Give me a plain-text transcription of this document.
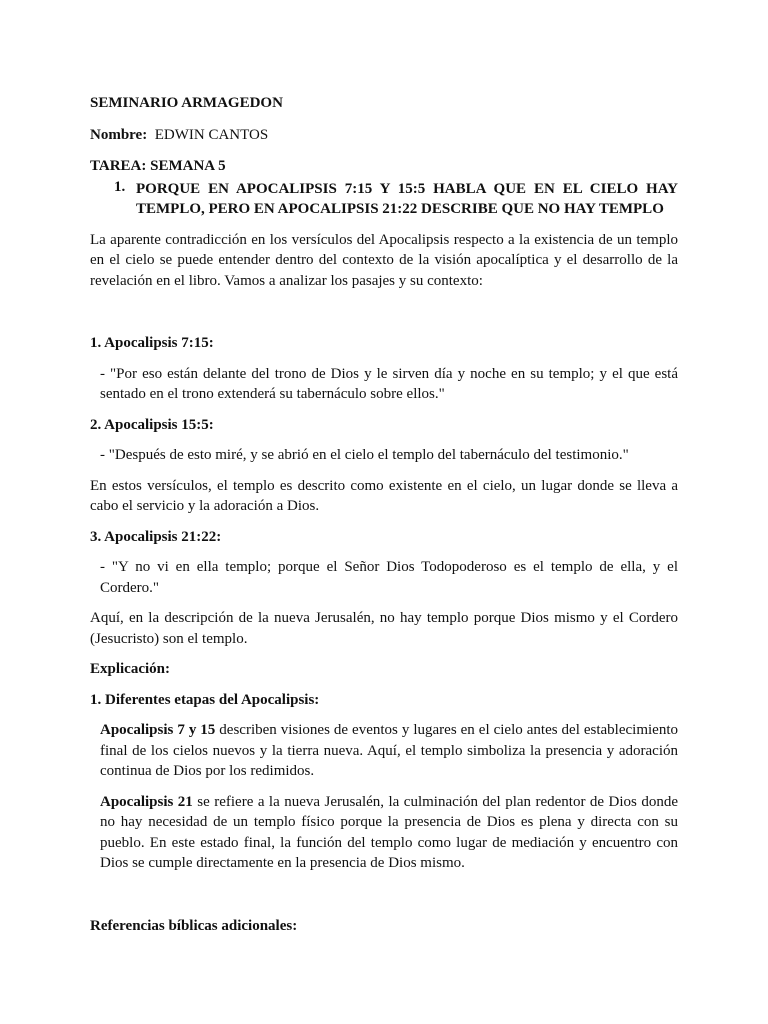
SEMINARIO ARMAGEDON

Nombre: EDWIN CANTOS

TAREA: SEMANA 5

1. PORQUE EN APOCALIPSIS 7:15 Y 15:5 HABLA QUE EN EL CIELO HAY TEMPLO, PERO EN APOCALIPSIS 21:22 DESCRIBE QUE NO HAY TEMPLO

La aparente contradicción en los versículos del Apocalipsis respecto a la existencia de un templo en el cielo se puede entender dentro del contexto de la visión apocalíptica y el desarrollo de la revelación en el libro. Vamos a analizar los pasajes y su contexto:

1. Apocalipsis 7:15:

- "Por eso están delante del trono de Dios y le sirven día y noche en su templo; y el que está sentado en el trono extenderá su tabernáculo sobre ellos."

2. Apocalipsis 15:5:

- "Después de esto miré, y se abrió en el cielo el templo del tabernáculo del testimonio."

En estos versículos, el templo es descrito como existente en el cielo, un lugar donde se lleva a cabo el servicio y la adoración a Dios.

3. Apocalipsis 21:22:

- "Y no vi en ella templo; porque el Señor Dios Todopoderoso es el templo de ella, y el Cordero."

Aquí, en la descripción de la nueva Jerusalén, no hay templo porque Dios mismo y el Cordero (Jesucristo) son el templo.

Explicación:

1. Diferentes etapas del Apocalipsis:

Apocalipsis 7 y 15 describen visiones de eventos y lugares en el cielo antes del establecimiento final de los cielos nuevos y la tierra nueva. Aquí, el templo simboliza la presencia y adoración continua de Dios por los redimidos.

Apocalipsis 21 se refiere a la nueva Jerusalén, la culminación del plan redentor de Dios donde no hay necesidad de un templo físico porque la presencia de Dios es plena y directa con su pueblo. En este estado final, la función del templo como lugar de mediación y encuentro con Dios se cumple directamente en la presencia de Dios mismo.

Referencias bíblicas adicionales:
